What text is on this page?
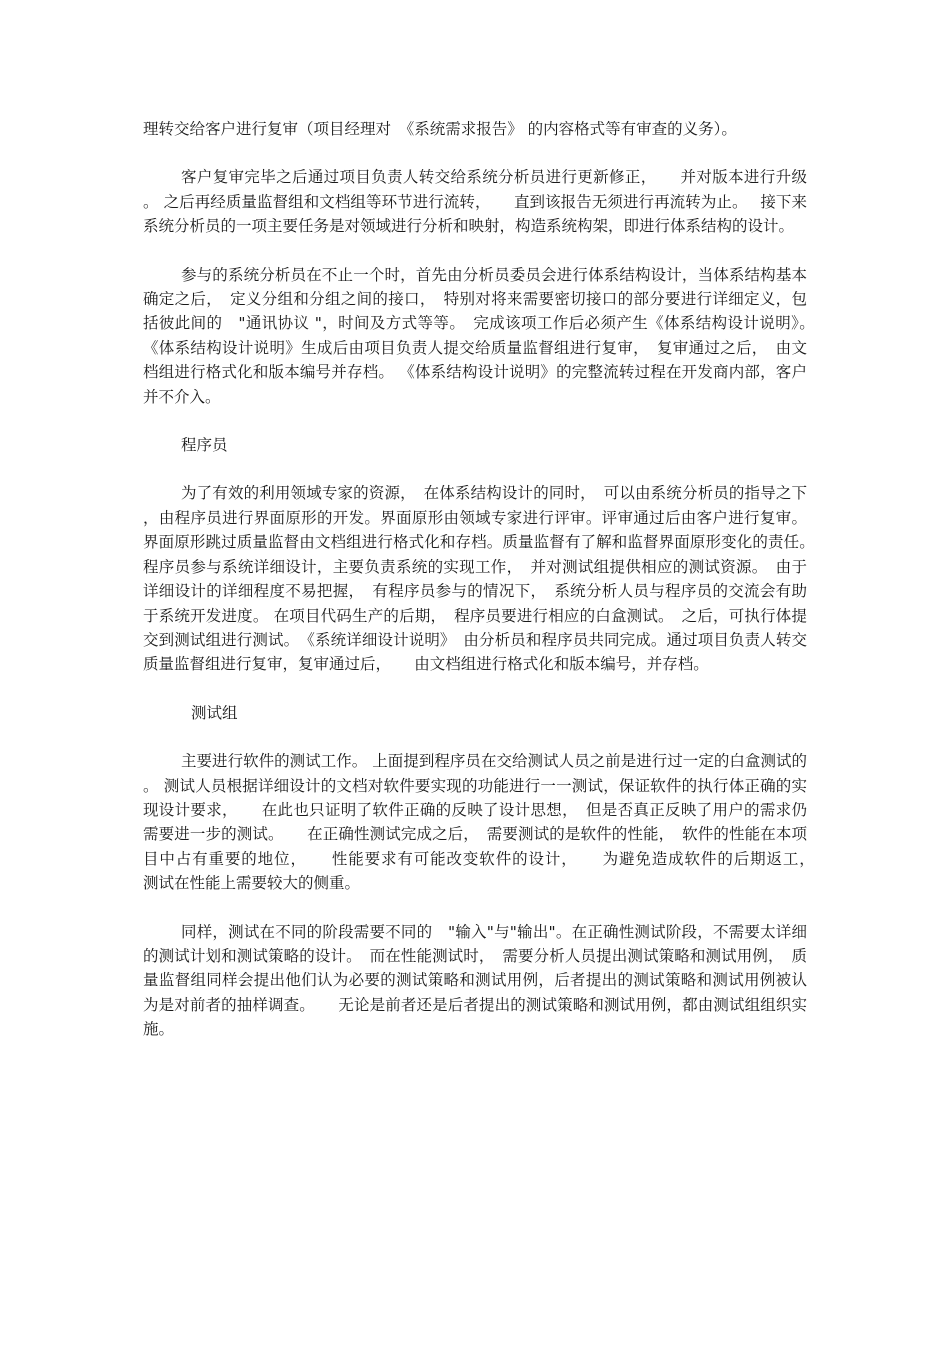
理转交给客户进行复审（项目经理对　《系统需求报告》 的内容格式等有审查的义务）。

客户复审完毕之后通过项目负责人转交给系统分析员进行更新修正，　　并对版本进行升级。 之后再经质量监督组和文档组等环节进行流转，　　直到该报告无须进行再流转为止。　 接下来系统分析员的一项主要任务是对领域进行分析和映射，构造系统构架，即进行体系结构的设计。

参与的系统分析员在不止一个时，首先由分析员委员会进行体系结构设计，当体系结构基本确定之后，　定义分组和分组之间的接口，　特别对将来需要密切接口的部分要进行详细定义，包括彼此间的　"通讯协议 "，时间及方式等等。　完成该项工作后必须产生《体系结构设计说明》。　《体系结构设计说明》生成后由项目负责人提交给质量监督组进行复审，　复审通过之后，　由文档组进行格式化和版本编号并存档。 《体系结构设计说明》的完整流转过程在开发商内部，客户并不介入。

程序员

为了有效的利用领域专家的资源，　在体系结构设计的同时，　可以由系统分析员的指导之下，由程序员进行界面原形的开发。界面原形由领域专家进行评审。评审通过后由客户进行复审。界面原形跳过质量监督由文档组进行格式化和存档。质量监督有了解和监督界面原形变化的责任。　　程序员参与系统详细设计，主要负责系统的实现工作，　并对测试组提供相应的测试资源。　由于详细设计的详细程度不易把握，　有程序员参与的情况下，　系统分析人员与程序员的交流会有助于系统开发进度。 在项目代码生产的后期，　程序员要进行相应的白盒测试。　之后，可执行体提交到测试组进行测试。　《系统详细设计说明》　由分析员和程序员共同完成。通过项目负责人转交质量监督组进行复审，复审通过后，　　由文档组进行格式化和版本编号，并存档。

测试组

主要进行软件的测试工作。 上面提到程序员在交给测试人员之前是进行过一定的白盒测试的。 测试人员根据详细设计的文档对软件要实现的功能进行一一测试，保证软件的执行体正确的实现设计要求，　　在此也只证明了软件正确的反映了设计思想，　但是否真正反映了用户的需求仍需要进一步的测试。　　在正确性测试完成之后，　需要测试的是软件的性能，　软件的性能在本项目中占有重要的地位，　　性能要求有可能改变软件的设计，　　为避免造成软件的后期返工，　　测试在性能上需要较大的侧重。

同样，测试在不同的阶段需要不同的　"输入"与"输出"。在正确性测试阶段，不需要太详细的测试计划和测试策略的设计。　而在性能测试时，　需要分析人员提出测试策略和测试用例，　质量监督组同样会提出他们认为必要的测试策略和测试用例，后者提出的测试策略和测试用例被认为是对前者的抽样调查。　　无论是前者还是后者提出的测试策略和测试用例，都由测试组组织实施。
